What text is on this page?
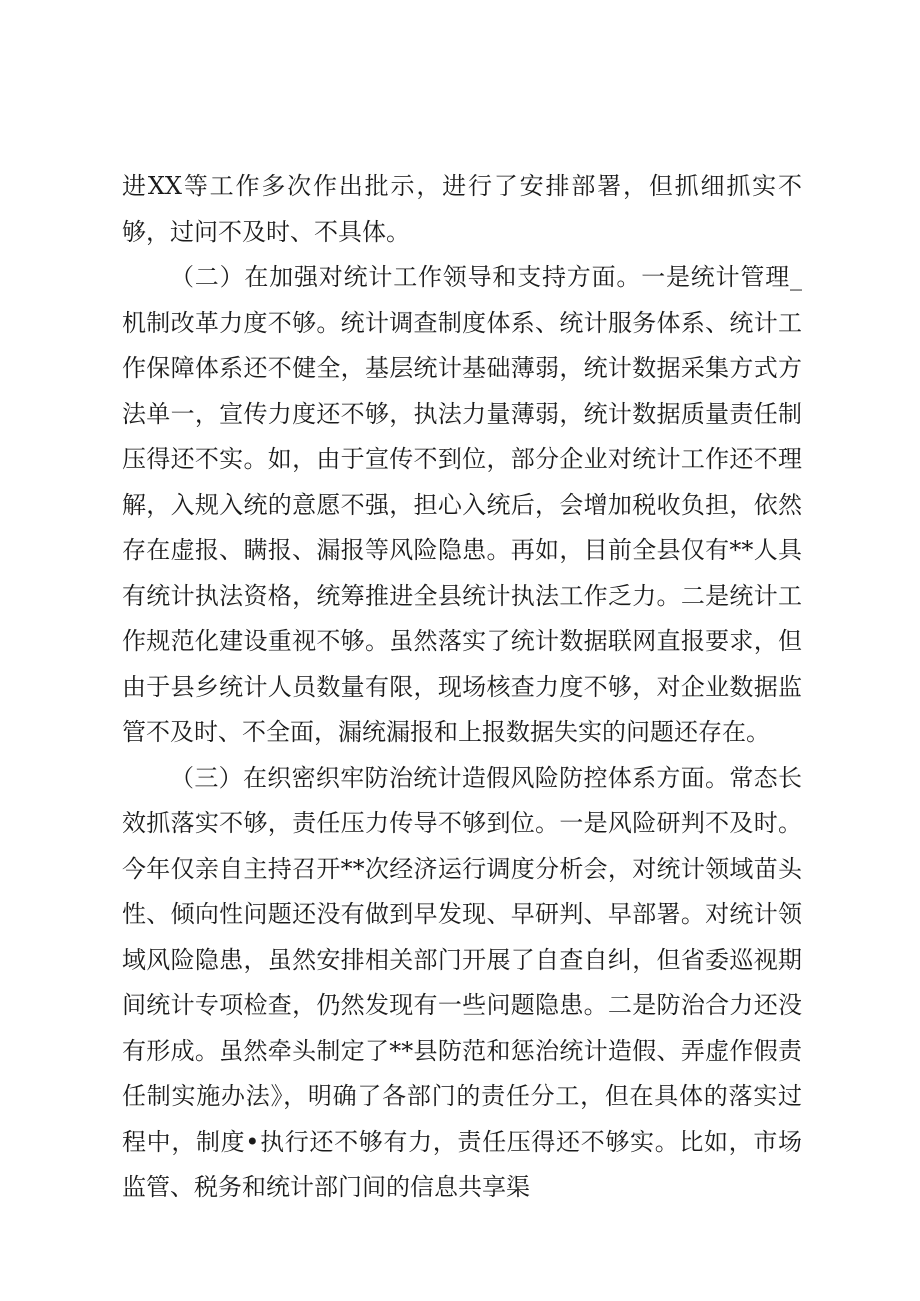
进XX等工作多次作出批示，进行了安排部署，但抓细抓实不够，过问不及时、不具体。

（二）在加强对统计工作领导和支持方面。一是统计管理_机制改革力度不够。统计调查制度体系、统计服务体系、统计工作保障体系还不健全，基层统计基础薄弱，统计数据采集方式方法单一，宣传力度还不够，执法力量薄弱，统计数据质量责任制压得还不实。如，由于宣传不到位，部分企业对统计工作还不理解，入规入统的意愿不强，担心入统后，会增加税收负担，依然存在虚报、瞒报、漏报等风险隐患。再如，目前全县仅有**人具有统计执法资格，统筹推进全县统计执法工作乏力。二是统计工作规范化建设重视不够。虽然落实了统计数据联网直报要求，但由于县乡统计人员数量有限，现场核查力度不够，对企业数据监管不及时、不全面，漏统漏报和上报数据失实的问题还存在。

（三）在织密织牢防治统计造假风险防控体系方面。常态长效抓落实不够，责任压力传导不够到位。一是风险研判不及时。今年仅亲自主持召开**次经济运行调度分析会，对统计领域苗头性、倾向性问题还没有做到早发现、早研判、早部署。对统计领域风险隐患，虽然安排相关部门开展了自查自纠，但省委巡视期间统计专项检查，仍然发现有一些问题隐患。二是防治合力还没有形成。虽然牵头制定了**县防范和惩治统计造假、弄虚作假责任制实施办法》，明确了各部门的责任分工，但在具体的落实过程中，制度•执行还不够有力，责任压得还不够实。比如，市场监管、税务和统计部门间的信息共享渠
